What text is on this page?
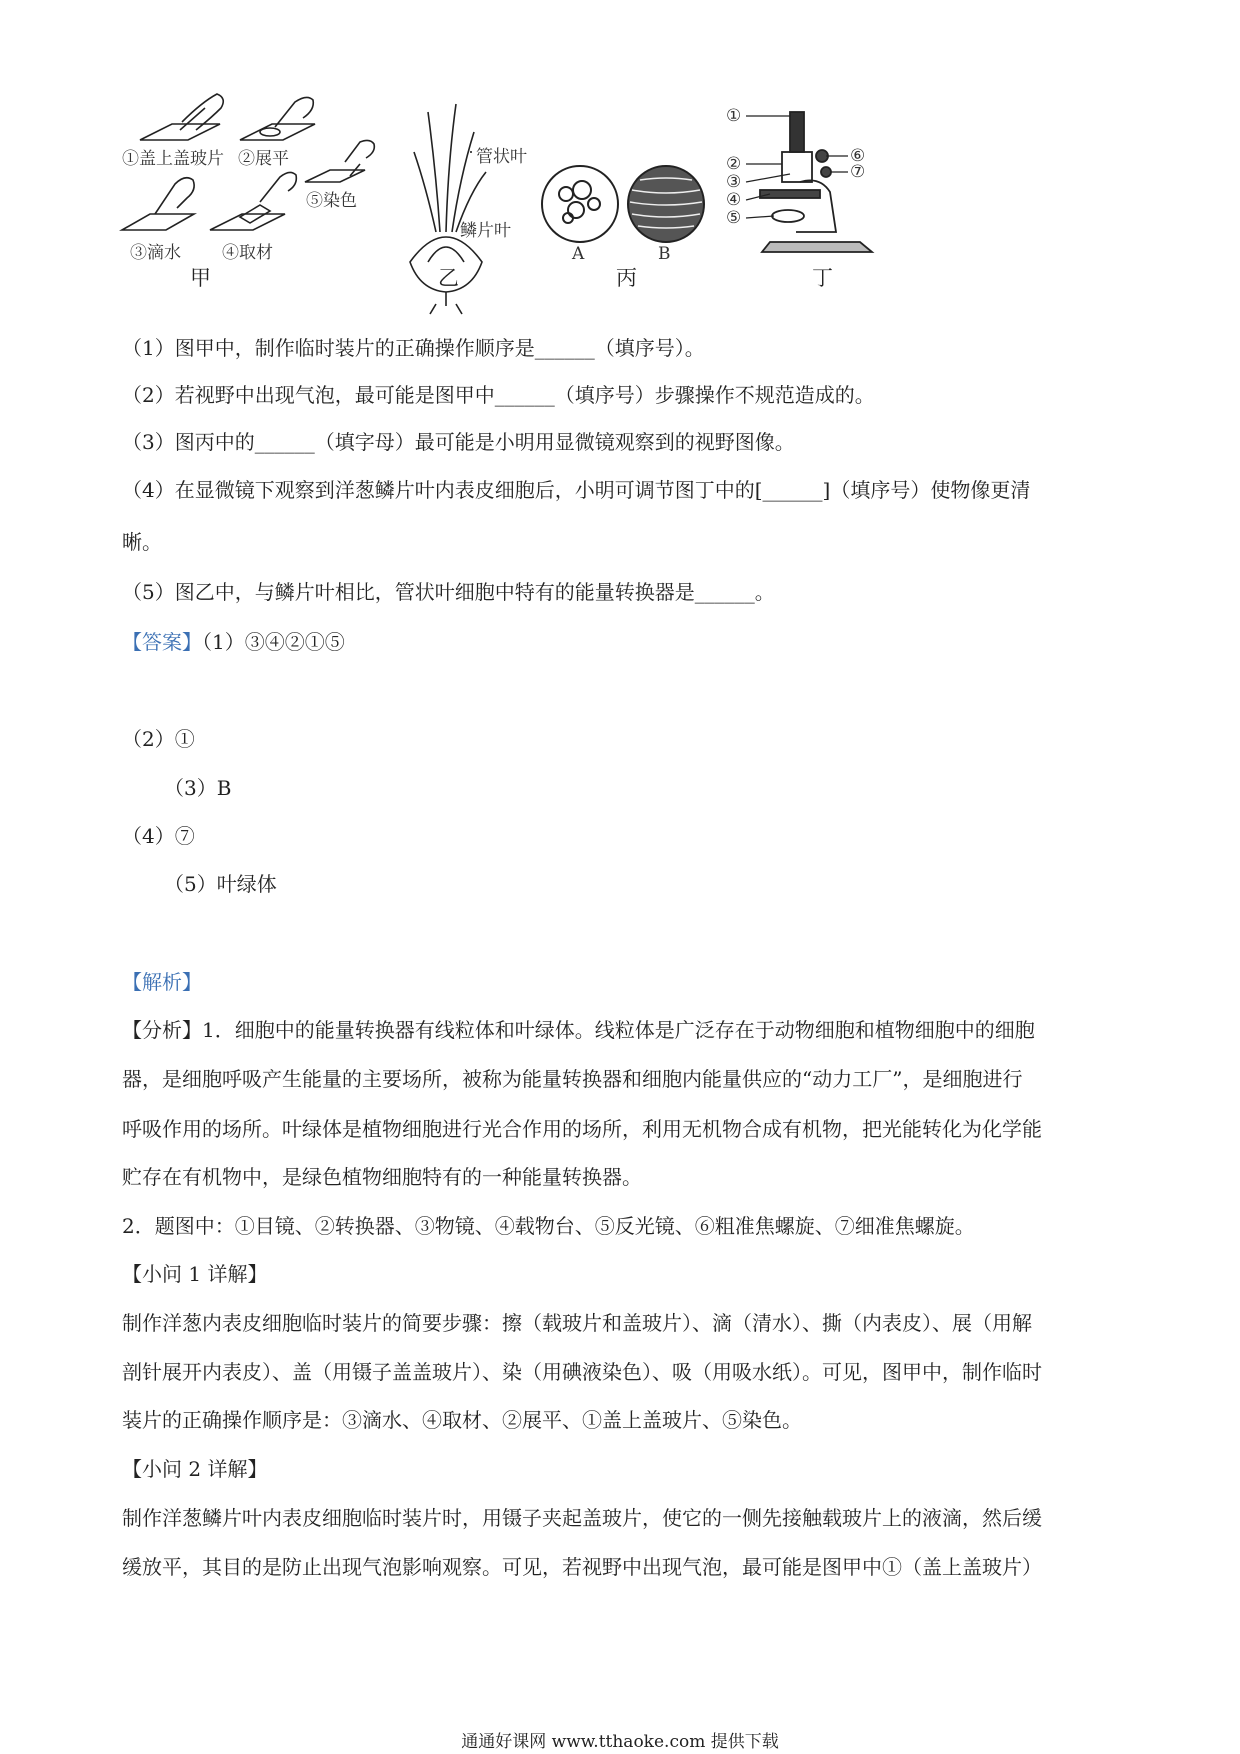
①盖上盖玻片 ②展平
⑤染色
③滴水 ④取材
甲
管状叶
鳞片叶
乙
A	B
丙
①
②
③
④
⑤
⑥
⑦
丁
（1）图甲中，制作临时装片的正确操作顺序是______（填序号）。
（2）若视野中出现气泡，最可能是图甲中______（填序号）步骤操作不规范造成的。
（3）图丙中的______（填字母）最可能是小明用显微镜观察到的视野图像。
（4）在显微镜下观察到洋葱鳞片叶内表皮细胞后，小明可调节图丁中的[______]（填序号）使物像更清
晰。
（5）图乙中，与鳞片叶相比，管状叶细胞中特有的能量转换器是______。
【答案】（1）③④②①⑤
（2）①
（3）B
（4）⑦
（5）叶绿体
【解析】
【分析】1．细胞中的能量转换器有线粒体和叶绿体。线粒体是广泛存在于动物细胞和植物细胞中的细胞
器，是细胞呼吸产生能量的主要场所，被称为能量转换器和细胞内能量供应的“动力工厂”，是细胞进行
呼吸作用的场所。叶绿体是植物细胞进行光合作用的场所，利用无机物合成有机物，把光能转化为化学能
贮存在有机物中，是绿色植物细胞特有的一种能量转换器。
2．题图中：①目镜、②转换器、③物镜、④载物台、⑤反光镜、⑥粗准焦螺旋、⑦细准焦螺旋。
【小问 1 详解】
制作洋葱内表皮细胞临时装片的简要步骤：擦（载玻片和盖玻片）、滴（清水）、撕（内表皮）、展（用解
剖针展开内表皮）、盖（用镊子盖盖玻片）、染（用碘液染色）、吸（用吸水纸）。可见，图甲中，制作临时
装片的正确操作顺序是：③滴水、④取材、②展平、①盖上盖玻片、⑤染色。
【小问 2 详解】
制作洋葱鳞片叶内表皮细胞临时装片时，用镊子夹起盖玻片，使它的一侧先接触载玻片上的液滴，然后缓
缓放平，其目的是防止出现气泡影响观察。可见，若视野中出现气泡，最可能是图甲中①（盖上盖玻片）
通通好课网 www.tthaoke.com 提供下载
